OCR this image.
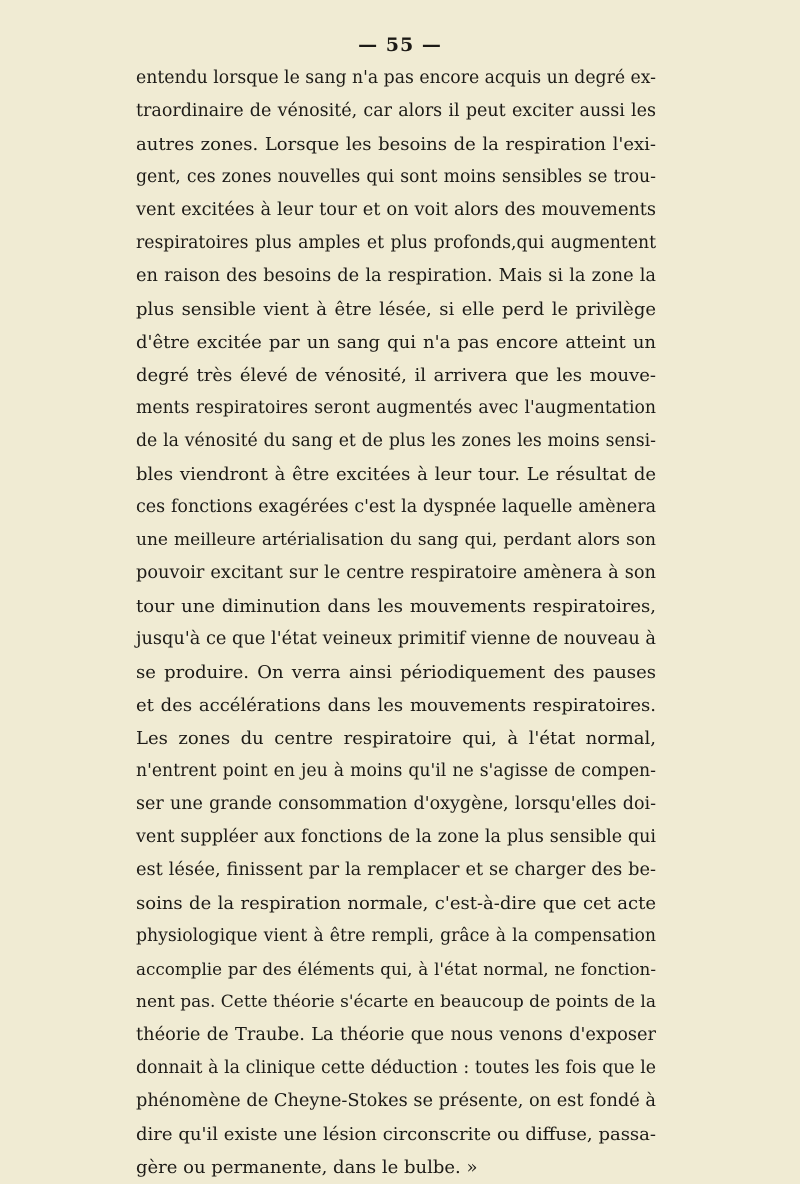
— 55 —
entendu lorsque le sang n'a pas encore acquis un degré ex-
traordinaire de vénosité, car alors il peut exciter aussi les
autres zones. Lorsque les besoins de la respiration l'exi-
gent, ces zones nouvelles qui sont moins sensibles se trou-
vent excitées à leur tour et on voit alors des mouvements
respiratoires plus amples et plus profonds,qui augmentent
en raison des besoins de la respiration. Mais si la zone la
plus sensible vient à être lésée, si elle perd le privilège
d'être excitée par un sang qui n'a pas encore atteint un
degré très élevé de vénosité, il arrivera que les mouve-
ments respiratoires seront augmentés avec l'augmentation
de la vénosité du sang et de plus les zones les moins sensi-
bles viendront à être excitées à leur tour. Le résultat de
ces fonctions exagérées c'est la dyspnée laquelle amènera
une meilleure artérialisation du sang qui, perdant alors son
pouvoir excitant sur le centre respiratoire amènera à son
tour une diminution dans les mouvements respiratoires,
jusqu'à ce que l'état veineux primitif vienne de nouveau à
se produire. On verra ainsi périodiquement des pauses
et des accélérations dans les mouvements respiratoires.
Les zones du centre respiratoire qui, à l'état normal,
n'entrent point en jeu à moins qu'il ne s'agisse de compen-
ser une grande consommation d'oxygène, lorsqu'elles doi-
vent suppléer aux fonctions de la zone la plus sensible qui
est lésée, finissent par la remplacer et se charger des be-
soins de la respiration normale, c'est-à-dire que cet acte
physiologique vient à être rempli, grâce à la compensation
accomplie par des éléments qui, à l'état normal, ne fonction-
nent pas. Cette théorie s'écarte en beaucoup de points de la
théorie de Traube. La théorie que nous venons d'exposer
donnait à la clinique cette déduction : toutes les fois que le
phénomène de Cheyne-Stokes se présente, on est fondé à
dire qu'il existe une lésion circonscrite ou diffuse, passa-
gère ou permanente, dans le bulbe. »
